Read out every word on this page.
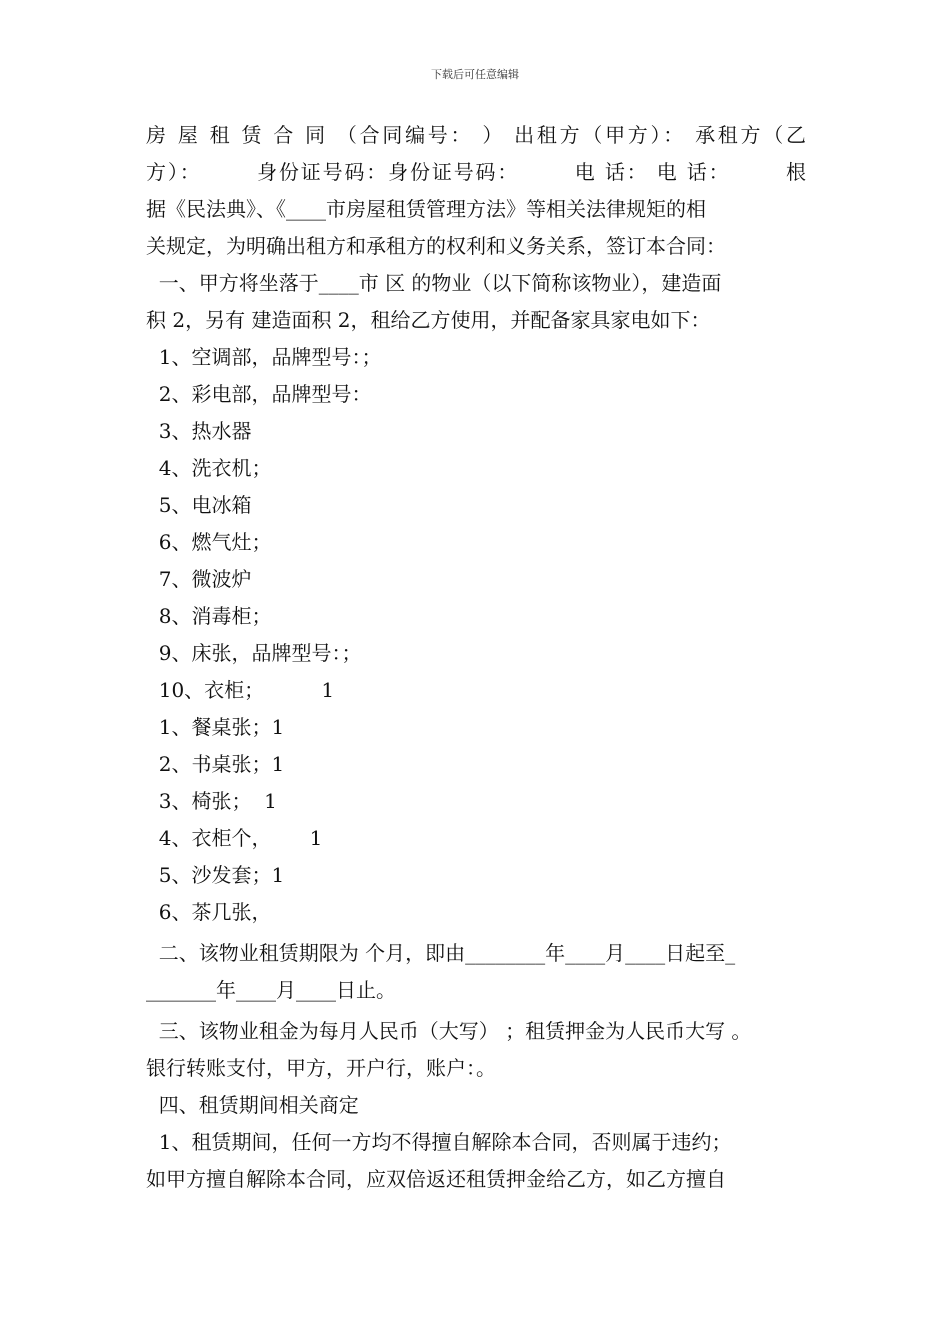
下载后可任意编辑
房 屋 租 赁 合 同 （合同编号： ） 出租方（甲方）： 承租方（乙
方）：　　　身份证号码：身份证号码：　　　电 话： 电 话：　　　根
据《民法典》、《____市房屋租赁管理方法》等相关法律规矩的相
关规定，为明确出租方和承租方的权利和义务关系，签订本合同：
一、甲方将坐落于____市 区 的物业（以下简称该物业），建造面
积 2，另有 建造面积 2，租给乙方使用，并配备家具家电如下：
1、空调部，品牌型号：；
2、彩电部，品牌型号：
3、热水器
4、洗衣机；
5、电冰箱
6、燃气灶；
7、微波炉
8、消毒柜；
9、床张，品牌型号：；
10、衣柜；         1
1、餐桌张；1
2、书桌张；1
3、椅张；  1
4、衣柜个，      1
5、沙发套；1
6、茶几张，
二、该物业租赁期限为 个月，即由________年____月____日起至_
_______年____月____日止。
三、该物业租金为每月人民币（大写） ；租赁押金为人民币大写 。
银行转账支付，甲方，开户行，账户：。
四、租赁期间相关商定
1、租赁期间，任何一方均不得擅自解除本合同，否则属于违约；
如甲方擅自解除本合同，应双倍返还租赁押金给乙方，如乙方擅自
